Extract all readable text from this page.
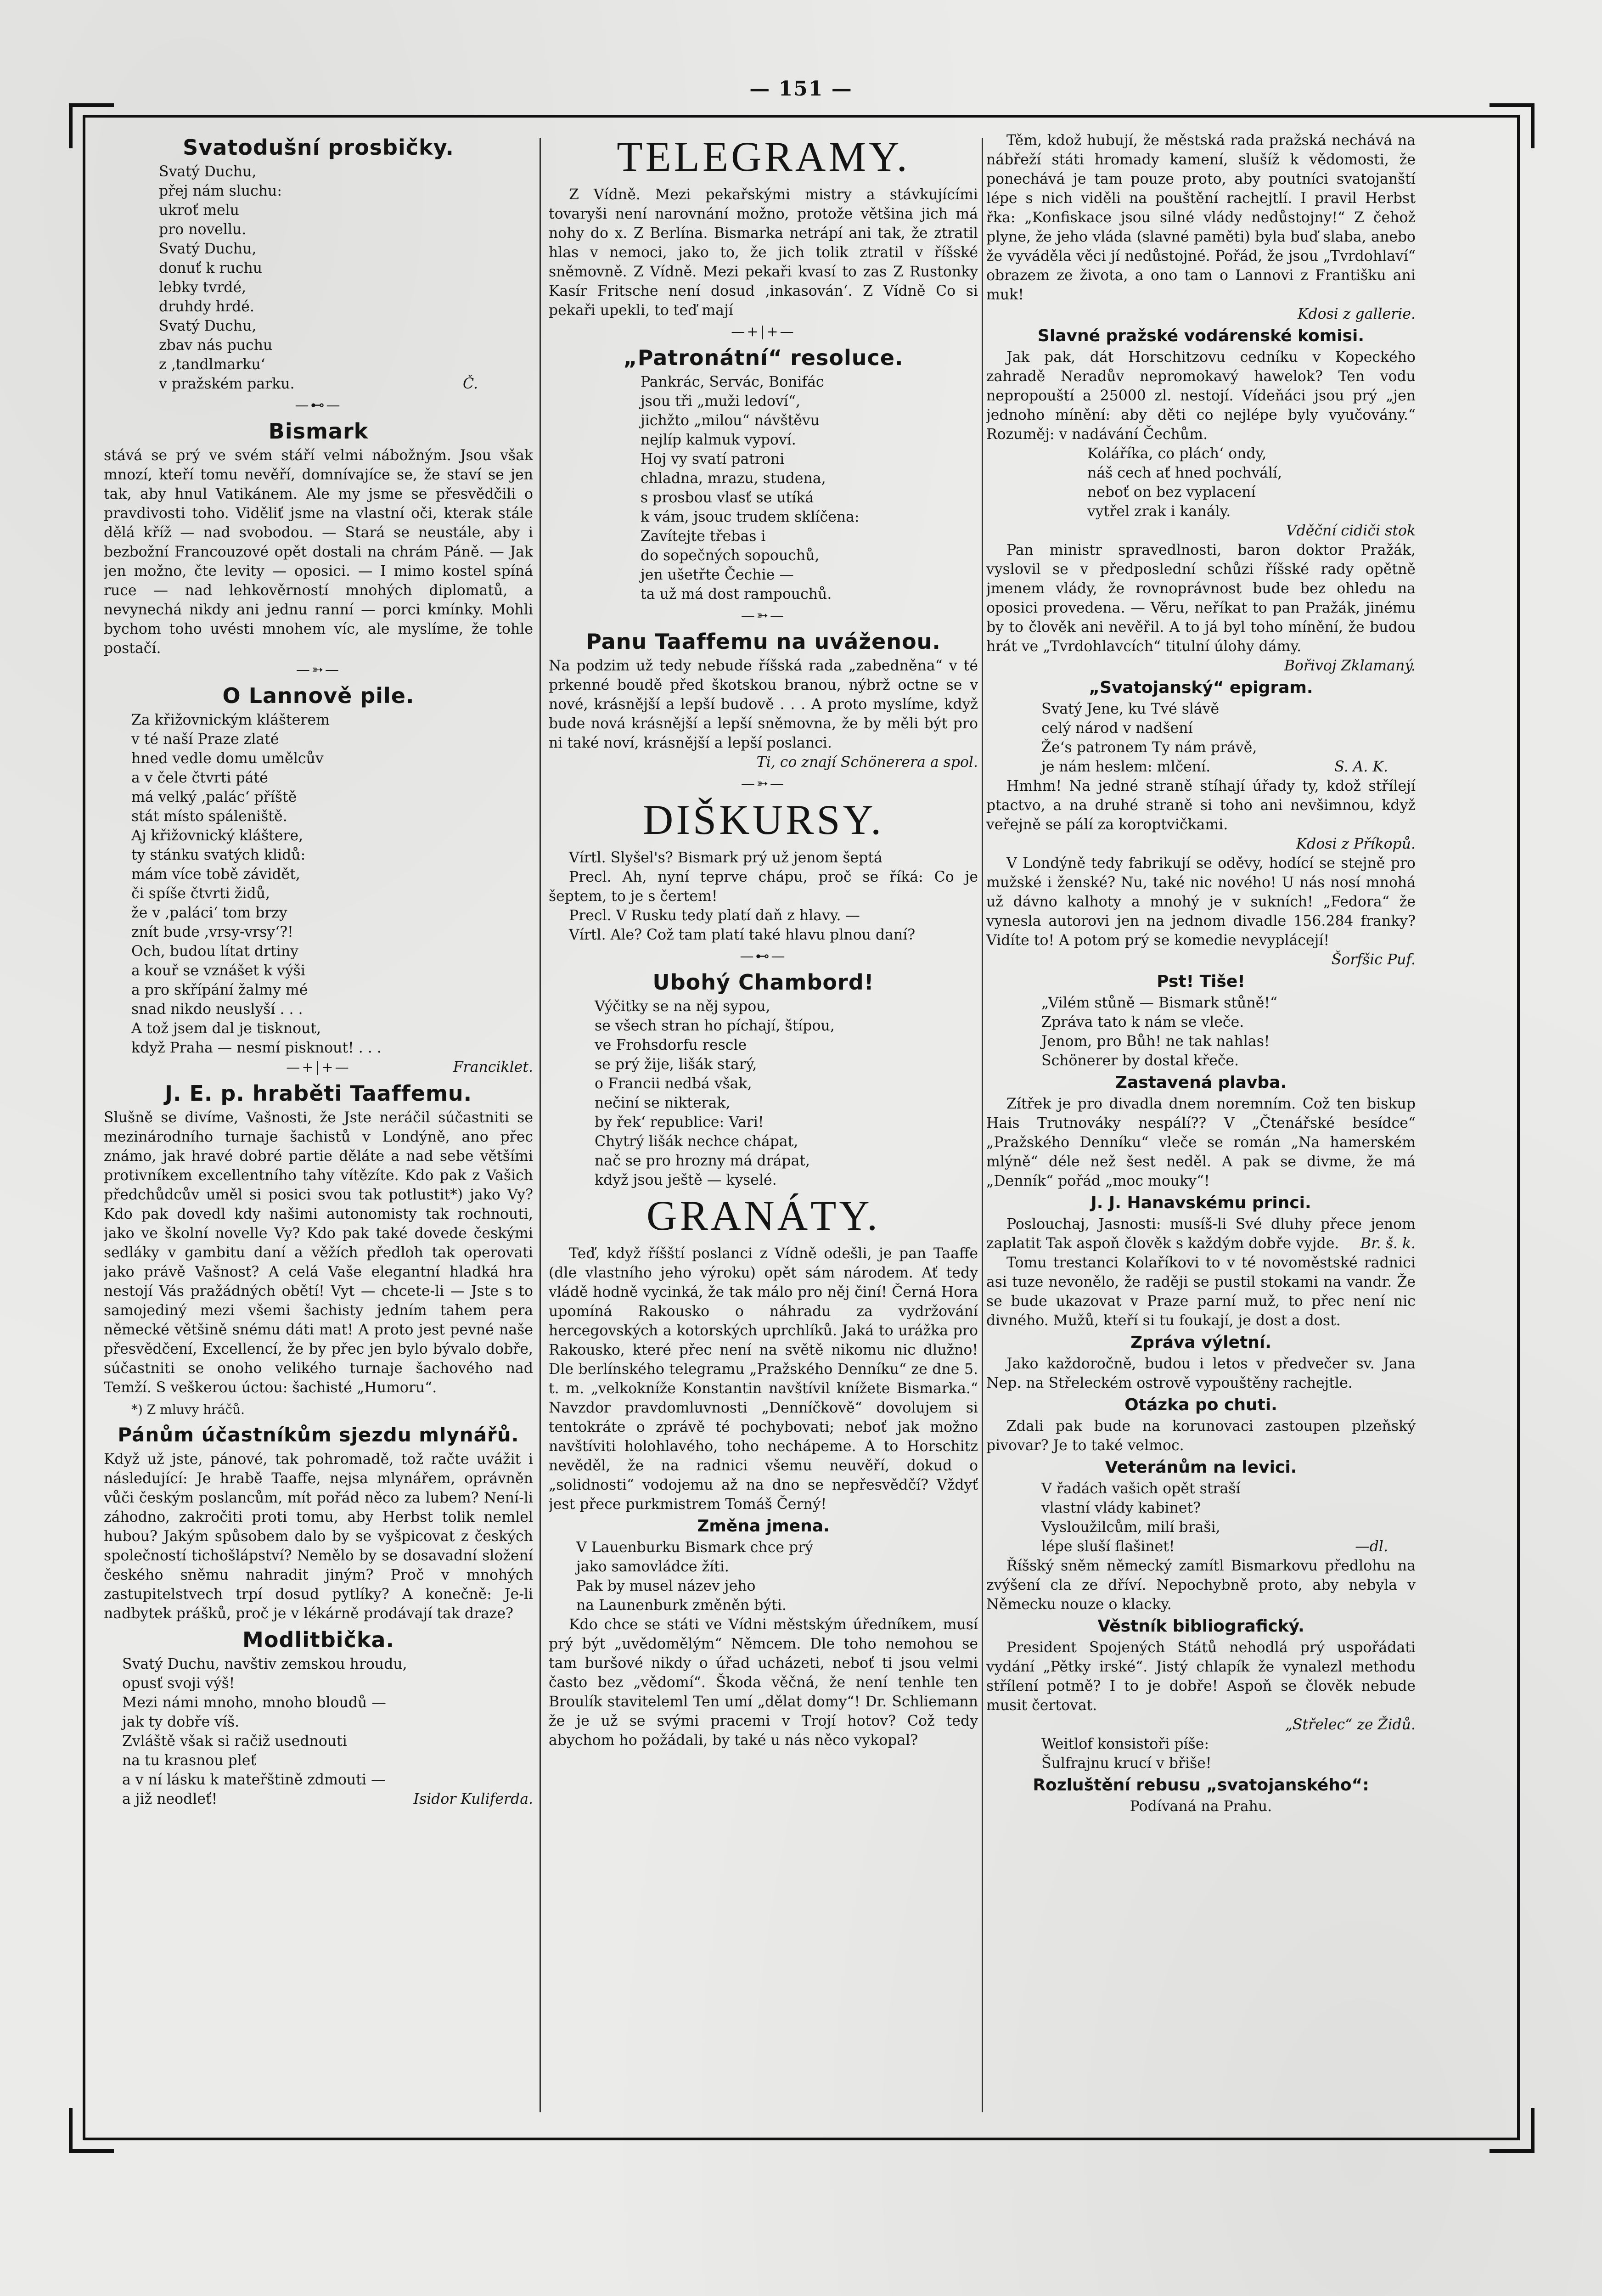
— 151 —
Svatodušní prosbičky.
Svatý Duchu,
přej nám sluchu:
ukroť melu
pro novellu.
Svatý Duchu,
donuť k ruchu
lebky tvrdé,
druhdy hrdé.
Svatý Duchu,
zbav nás puchu
z ‚tandlmarku‘
v pražském parku.	Č.

—⊷—
Bismark

stává se prý ve svém stáří velmi nábožným. Jsou však mnozí, kteří tomu nevěří, domnívajíce se, že staví se jen tak, aby hnul Vatikánem. Ale my jsme se přesvědčili o pravdivosti toho. Viděliť jsme na vlastní oči, kterak stále dělá kříž — nad svobodou. — Stará se neustále, aby i bezbožní Francouzové opět dostali na chrám Páně. — Jak jen možno, čte levity — oposici. — I mimo kostel spíná ruce — nad lehkověrností mnohých diplomatů, a nevynechá nikdy ani jednu ranní — porci kmínky. Mohli bychom toho uvésti mnohem víc, ale myslíme, že tohle postačí.

—➳—
O Lannově pile.
Za křižovnickým klášterem
v té naší Praze zlaté
hned vedle domu umělcův
a v čele čtvrti páté
má velký ‚palác‘ příště
stát místo spáleniště.
Aj křižovnický kláštere,
ty stánku svatých klidů:
mám více tobě závidět,
či spíše čtvrti židů,
že v ‚paláci‘ tom brzy
znít bude ‚vrsy-vrsy‘?!
Och, budou lítat drtiny
a kouř se vznášet k výši
a pro skřípání žalmy mé
snad nikdo neuslyší . . .
A tož jsem dal je tisknout,
když Praha — nesmí pisknout! . . .

Franciklet.

—+|+—
J. E. p. hraběti Taaffemu.

Slušně se divíme, Vašnosti, že Jste neráčil súčastniti se mezinárodního turnaje šachistů v Londýně, ano přec známo, jak hravé dobré partie děláte a nad sebe většími protivníkem excellentního tahy vítězíte. Kdo pak z Vašich předchůdcův uměl si posici svou tak potlustit*) jako Vy? Kdo pak dovedl kdy našimi autonomisty tak rochnouti, jako ve školní novelle Vy? Kdo pak také dovede českými sedláky v gambitu daní a věžích předloh tak operovati jako právě Vašnost? A celá Vaše elegantní hladká hra nestojí Vás pražádných obětí! Vyt — chcete-li — Jste s to samojediný mezi všemi šachisty jedním tahem pera německé většině snému dáti mat! A proto jest pevné naše přesvědčení, Excellencí, že by přec jen bylo bývalo dobře, súčastniti se onoho velikého turnaje šachového nad Temží. S veškerou úctou: šachisté „Humoru“.

*) Z mluvy hráčů.
Pánům účastníkům sjezdu mlynářů.

Když už jste, pánové, tak pohromadě, tož račte uvážit i následující: Je hrabě Taaffe, nejsa mlynářem, oprávněn vůči českým poslancům, mít pořád něco za lubem? Není-li záhodno, zakročiti proti tomu, aby Herbst tolik nemlel hubou? Jakým spůsobem dalo by se vyšpicovat z českých společností tichošlápství? Nemělo by se dosavadní složení českého sněmu nahradit jiným? Proč v mnohých zastupitelstvech trpí dosud pytlíky? A konečně: Je-li nadbytek prášků, proč je v lékárně prodávají tak draze?

Modlitbička.
Svatý Duchu, navštiv zemskou hroudu,
opusť svoji výš!
Mezi námi mnoho, mnoho bloudů —
jak ty dobře víš.
Zvláště však si račiž usednouti
na tu krasnou pleť
a v ní lásku k mateřštině zdmouti —
a již neodleť!	Isidor Kuliferda.

TELEGRAMY.

Z Vídně. Mezi pekařskými mistry a stávkujícími tovaryši není narovnání možno, protože většina jich má nohy do x. Z Berlína. Bismarka netrápí ani tak, že ztratil hlas v nemoci, jako to, že jich tolik ztratil v říšské sněmovně. Z Vídně. Mezi pekaři kvasí to zas Z Rustonky Kasír Fritsche není dosud ‚inkasován‘. Z Vídně Co si pekaři upekli, to teď mají

—+|+—
„Patronátní“ resoluce.
Pankrác, Servác, Bonifác
jsou tři „muži ledoví“,
jichžto „milou“ návštěvu
nejlíp kalmuk vypoví.
Hoj vy svatí patroni
chladna, mrazu, studena,
s prosbou vlasť se utíká
k vám, jsouc trudem sklíčena:
Zavítejte třebas i
do sopečných sopouchů,
jen ušetřte Čechie —
ta už má dost rampouchů.
—➳—
Panu Taaffemu na uváženou.

Na podzim už tedy nebude říšská rada „zabedněna“ v té prkenné boudě před škotskou branou, nýbrž octne se v nové, krásnější a lepší budově . . . A proto myslíme, když bude nová krásnější a lepší sněmovna, že by měli být pro ni také noví, krásnější a lepší poslanci.

Ti, co znají Schönerera a spol.

—➳—
DIŠKURSY.

Vírtl. Slyšel's? Bismark prý už jenom šeptá

Precl. Ah, nyní teprve chápu, proč se říká: Co je šeptem, to je s čertem!

Precl. V Rusku tedy platí daň z hlavy. —

Vírtl. Ale? Což tam platí také hlavu plnou daní?

—⊷—
Ubohý Chambord!
Výčitky se na něj sypou,
se všech stran ho píchají, štípou,
ve Frohsdorfu rescle
se prý žije, lišák starý,
o Francii nedbá však,
nečiní se nikterak,
by řek‘ republice: Vari!
Chytrý lišák nechce chápat,
nač se pro hrozny má drápat,
když jsou ještě — kyselé.
GRANÁTY.

Teď, když říšští poslanci z Vídně odešli, je pan Taaffe (dle vlastního jeho výroku) opět sám národem. Ať tedy vládě hodně vycinká, že tak málo pro něj činí! Černá Hora upomíná Rakousko o náhradu za vydržování hercegovských a kotorských uprchlíků. Jaká to urážka pro Rakousko, které přec není na světě nikomu nic dlužno! Dle berlínského telegramu „Pražského Denníku“ ze dne 5. t. m. „velkokníže Konstantin navštívil knížete Bismarka.“ Navzdor pravdomluvnosti „Denníčkově“ dovolujem si tentokráte o zprávě té pochybovati; neboť jak možno navštíviti holohlavého, toho nechápeme. A to Horschitz nevěděl, že na radnici všemu neuvěří, dokud o „solidnosti“ vodojemu až na dno se nepřesvědčí? Vždyť jest přece purkmistrem Tomáš Černý!

Změna jmena.
V Lauenburku Bismark chce prý
jako samovládce žíti.
Pak by musel název jeho
na Launenburk změněn býti.

Kdo chce se státi ve Vídni městským úředníkem, musí prý být „uvědomělým“ Němcem. Dle toho nemohou se tam buršové nikdy o úřad ucházeti, neboť ti jsou velmi často bez „vědomí“. Škoda věčná, že není tenhle ten Broulík staviteleml Ten umí „dělat domy“! Dr. Schliemann že je už se svými pracemi v Trojí hotov? Což tedy abychom ho požádali, by také u nás něco vykopal?

Těm, kdož hubují, že městská rada pražská nechává na nábřeží státi hromady kamení, slušíž k vědomosti, že ponechává je tam pouze proto, aby poutníci svatojanští lépe s nich viděli na pouštění rachejtlí. I pravil Herbst řka: „Konfiskace jsou silné vlády nedůstojny!“ Z čehož plyne, že jeho vláda (slavné paměti) byla buď slaba, anebo že vyváděla věci jí nedůstojné. Pořád, že jsou „Tvrdohlaví“ obrazem ze života, a ono tam o Lannovi z Františku ani muk!

Kdosi z gallerie.

Slavné pražské vodárenské komisi.

Jak pak, dát Horschitzovu cedníku v Kopeckého zahradě Neradův nepromokavý hawelok? Ten vodu nepropouští a 25000 zl. nestojí. Vídeňáci jsou prý „jen jednoho mínění: aby děti co nejlépe byly vyučovány.“ Rozuměj: v nadávání Čechům.

Koláříka, co plách‘ ondy,
náš cech ať hned pochválí,
neboť on bez vyplacení
vytřel zrak i kanály.

Vděční cidiči stok

Pan ministr spravedlnosti, baron doktor Pražák, vyslovil se v předposlední schůzi říšské rady opětně jmenem vlády, že rovnoprávnost bude bez ohledu na oposici provedena. — Věru, neříkat to pan Pražák, jinému by to člověk ani nevěřil. A to já byl toho mínění, že budou hrát ve „Tvrdohlavcích“ titulní úlohy dámy.

Bořivoj Zklamaný.

„Svatojanský“ epigram.
Svatý Jene, ku Tvé slávě
celý národ v nadšení
Že‘s patronem Ty nám právě,
je nám heslem: mlčení.	S. A. K.

Hmhm! Na jedné straně stíhají úřady ty, kdož střílejí ptactvo, a na druhé straně si toho ani nevšimnou, když ve‌řejně se pálí za koroptvičkami.

Kdosi z Příkopů.

V Londýně tedy fabrikují se oděvy, hodící se stejně pro mužské i ženské? Nu, také nic nového! U nás nosí mnohá už dávno kalhoty a mnohý je v sukních! „Fedora“ že vynesla autorovi jen na jednom divadle 156.284 franky? Vidíte to! A potom prý se komedie nevyplácejí!

Šorfšic Puf.

Pst! Tiše!
„Vilém stůně — Bismark stůně!“
Zpráva tato k nám se vleče.
Jenom, pro Bůh! ne tak nahlas!
Schönerer by dostal křeče.
Zastavená plavba.

Zítřek je pro divadla dnem noremním. Což ten biskup Hais Trutnováky nespálí?? V „Čtenářské besídce“ „Pražského Denníku“ vleče se román „Na hamerském mlýně“ déle než šest neděl. A pak se divme, že má „Denník“ pořád „moc mouky“!

J. J. Hanavskému princi.

Posloucha‌j, Jasnosti: musíš-li Své dluhy přece jenom zaplatit Tak aspoň člověk s každým dobře vyjde.	Br. š. k.

Tomu trestanci Kolaříkovi to v té novoměstské radnici asi tuze nevonělo, že raději se pustil stokami na vandr. Že se bude ukazovat v Praze parní muž, to přec není nic divného. Mužů, kteří si tu foukají, je dost a dost.

Zpráva výletní.

Jako každoročně, budou i letos v předvečer sv. Jana Nep. na Střeleckém ostrově vypouštěny rachejtle.

Otázka po chuti.

Zdali pak bude na korunovaci zastoupen plzeňský pivovar? Je to také velmoc.

Veteránům na levici.
V řadách vašich opět straší
vlastní vlády kabinet?
Vysloužilcům, milí braši,
lépe sluší flašinet!	—dl.

Říšský sněm německý zamítl Bismarkovu předlohu na zvýšení cla ze dříví. Nepochybně proto, aby nebyla v Německu nouze o klacky.

Věstník bibliografický.

President Spojených Států nehodlá prý uspořádati vydání „Pětky irské“. Jistý chlapík že vynalezl methodu střílení potmě? I to je dobře! Aspoň se člověk nebude musit čertovat.

„Střelec“ ze Židů.

Weitlof konsistoři píše:
Šulfrajnu krucí v břiše!
Rozluštění rebusu „svatojanského“:

Podívaná na Prahu.
